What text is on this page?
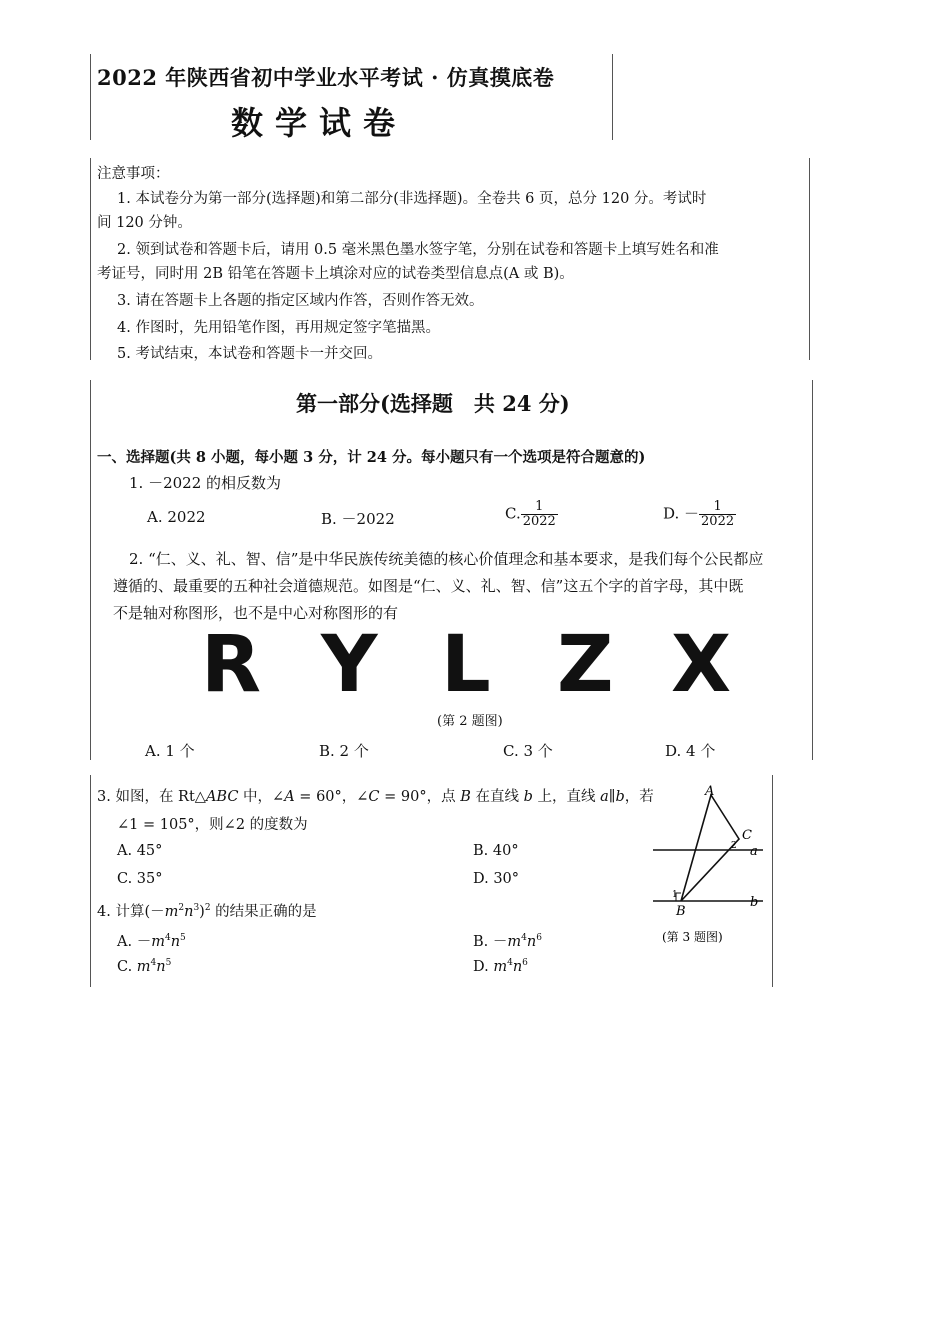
2022 年陕西省初中学业水平考试 · 仿真摸底卷
数学试卷
注意事项：
1. 本试卷分为第一部分(选择题)和第二部分(非选择题)。全卷共 6 页，总分 120 分。考试时
间 120 分钟。
2. 领到试卷和答题卡后，请用 0.5 毫米黑色墨水签字笔，分别在试卷和答题卡上填写姓名和准
考证号，同时用 2B 铅笔在答题卡上填涂对应的试卷类型信息点(A 或 B)。
3. 请在答题卡上各题的指定区域内作答，否则作答无效。
4. 作图时，先用铅笔作图，再用规定签字笔描黑。
5. 考试结束，本试卷和答题卡一并交回。
第一部分(选择题　共 24 分)
一、选择题(共 8 小题，每小题 3 分，计 24 分。每小题只有一个选项是符合题意的)
1. －2022 的相反数为
A. 2022	B. －2022	C. $\frac{1}{2022}$	D. － $\frac{1}{2022}$
2. “仁、义、礼、智、信”是中华民族传统美德的核心价值理念和基本要求，是我们每个公民都应
遵循的、最重要的五种社会道德规范。如图是“仁、义、礼、智、信”这五个字的首字母，其中既
不是轴对称图形，也不是中心对称图形的有
R Y L Z X
(第 2 题图)
A. 1 个	B. 2 个	C. 3 个	D. 4 个
3. 如图，在 Rt△ABC 中，∠A = 60°，∠C = 90°，点 B 在直线 b 上，直线 a∥b，若
∠1 = 105°，则∠2 的度数为
A. 45°	B. 40°
C. 35°	D. 30°
4. 计算$(-m^2n^3)^2$ 的结果正确的是
A. $-m^4n^5$	B. $-m^4n^6$
C. $m^4n^5$	D. $m^4n^6$
A
C
B
a
b
1
2
(第 3 题图)
